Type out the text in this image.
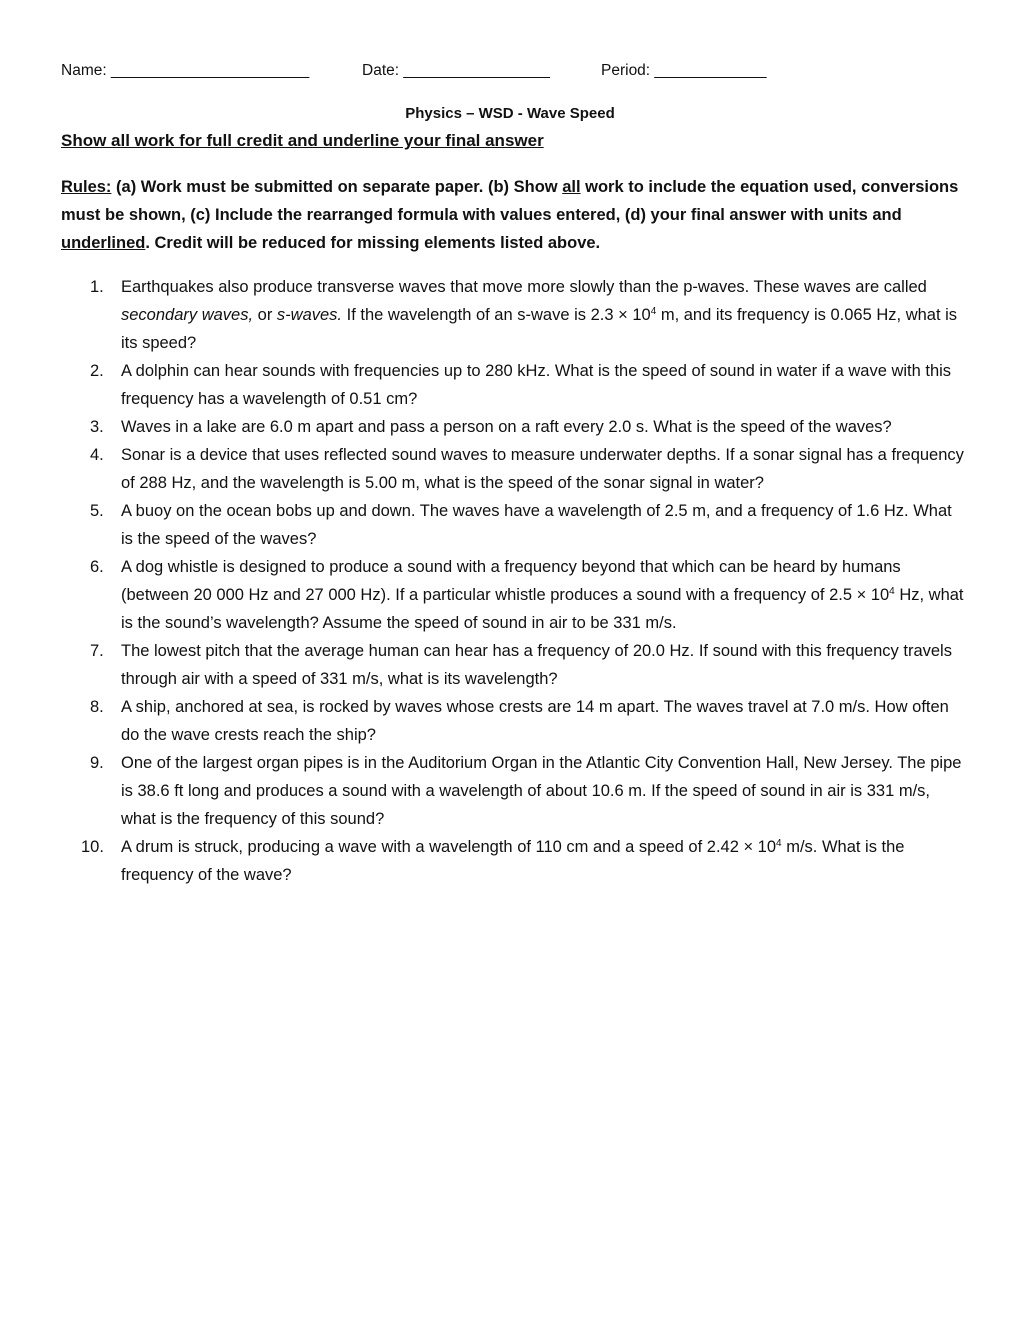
Name: _______________________	Date: _________________	Period: _____________
Physics – WSD - Wave Speed
Show all work for full credit and underline your final answer
Rules: (a) Work must be submitted on separate paper. (b) Show all work to include the equation used, conversions must be shown, (c) Include the rearranged formula with values entered, (d) your final answer with units and underlined. Credit will be reduced for missing elements listed above.
1. Earthquakes also produce transverse waves that move more slowly than the p-waves. These waves are called secondary waves, or s-waves. If the wavelength of an s-wave is $2.3 \times 10^4$ m, and its frequency is 0.065 Hz, what is its speed?
2. A dolphin can hear sounds with frequencies up to 280 kHz. What is the speed of sound in water if a wave with this frequency has a wavelength of 0.51 cm?
3. Waves in a lake are 6.0 m apart and pass a person on a raft every 2.0 s. What is the speed of the waves?
4. Sonar is a device that uses reflected sound waves to measure underwater depths. If a sonar signal has a frequency of 288 Hz, and the wavelength is 5.00 m, what is the speed of the sonar signal in water?
5. A buoy on the ocean bobs up and down. The waves have a wavelength of 2.5 m, and a frequency of 1.6 Hz. What is the speed of the waves?
6. A dog whistle is designed to produce a sound with a frequency beyond that which can be heard by humans (between 20 000 Hz and 27 000 Hz). If a particular whistle produces a sound with a frequency of $2.5 \times 10^4$ Hz, what is the sound’s wavelength? Assume the speed of sound in air to be 331 m/s.
7. The lowest pitch that the average human can hear has a frequency of 20.0 Hz. If sound with this frequency travels through air with a speed of 331 m/s, what is its wavelength?
8. A ship, anchored at sea, is rocked by waves whose crests are 14 m apart. The waves travel at 7.0 m/s. How often do the wave crests reach the ship?
9. One of the largest organ pipes is in the Auditorium Organ in the Atlantic City Convention Hall, New Jersey. The pipe is 38.6 ft long and produces a sound with a wavelength of about 10.6 m. If the speed of sound in air is 331 m/s, what is the frequency of this sound?
10. A drum is struck, producing a wave with a wavelength of 110 cm and a speed of $2.42 \times 10^4$ m/s. What is the frequency of the wave?
